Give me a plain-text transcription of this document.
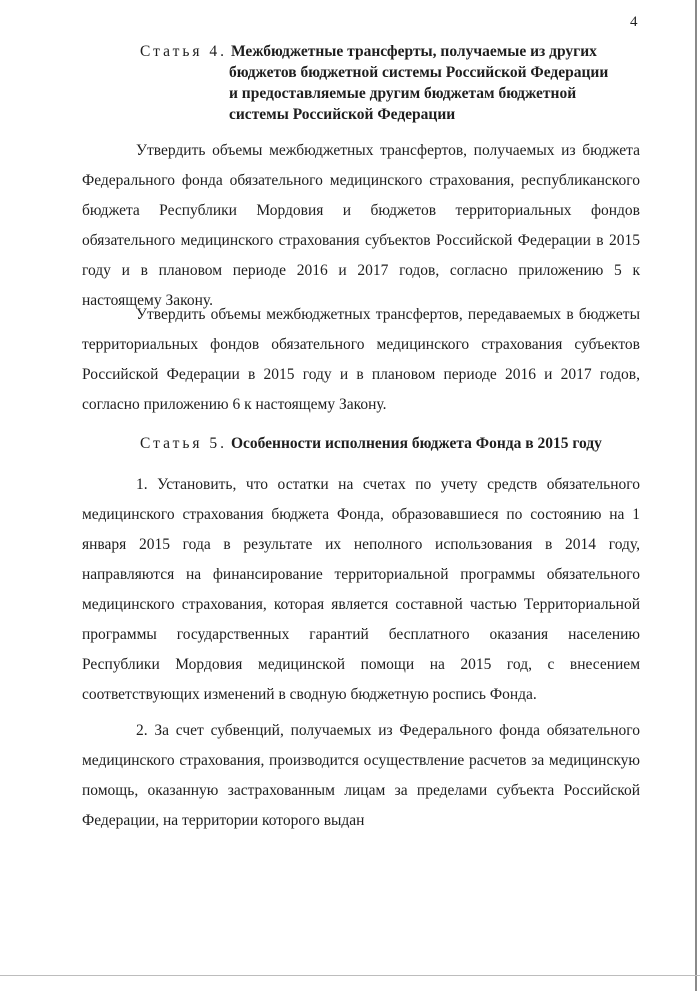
4
Статья 4. Межбюджетные трансферты, получаемые из других
бюджетов бюджетной системы Российской Федерации
и предоставляемые другим бюджетам бюджетной
системы Российской Федерации

Утвердить объемы межбюджетных трансфертов, получаемых из бюджета Федерального фонда обязательного медицинского страхования, республиканского бюджета Республики Мордовия и бюджетов территориальных фондов обязательного медицинского страхования субъектов Российской Федерации в 2015 году и в плановом периоде 2016 и 2017 годов, согласно приложению 5 к настоящему Закону.

Утвердить объемы межбюджетных трансфертов, передаваемых в бюджеты территориальных фондов обязательного медицинского страхования субъектов Российской Федерации в 2015 году и в плановом периоде 2016 и 2017 годов, согласно приложению 6 к настоящему Закону.

Статья 5. Особенности исполнения бюджета Фонда в 2015 году

1. Установить, что остатки на счетах по учету средств обязательного медицинского страхования бюджета Фонда, образовавшиеся по состоянию на 1 января 2015 года в результате их неполного использования в 2014 году, направляются на финансирование территориальной программы обязательного медицинского страхования, которая является составной частью Территориальной программы государственных гарантий бесплатного оказания населению Республики Мордовия медицинской помощи на 2015 год, с внесением соответствующих изменений в сводную бюджетную роспись Фонда.

2. За счет субвенций, получаемых из Федерального фонда обязательного медицинского страхования, производится осуществление расчетов за медицинскую помощь, оказанную застрахованным лицам за пределами субъекта Российской Федерации, на территории которого выдан
